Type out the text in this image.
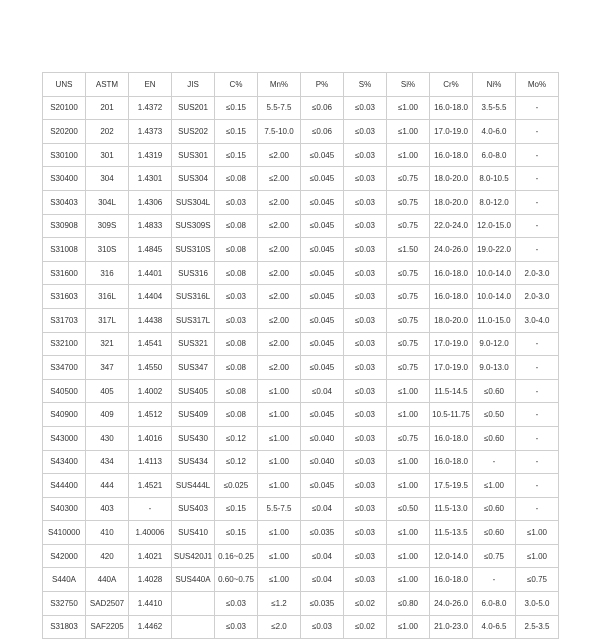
UNS	ASTM	EN	JIS	C%	Mn%	P%	S%	Si%	Cr%	Ni%	Mo%
S20100	201	1.4372	SUS201	≤0.15	5.5-7.5	≤0.06	≤0.03	≤1.00	16.0-18.0	3.5-5.5	-
S20200	202	1.4373	SUS202	≤0.15	7.5-10.0	≤0.06	≤0.03	≤1.00	17.0-19.0	4.0-6.0	-
S30100	301	1.4319	SUS301	≤0.15	≤2.00	≤0.045	≤0.03	≤1.00	16.0-18.0	6.0-8.0	-
S30400	304	1.4301	SUS304	≤0.08	≤2.00	≤0.045	≤0.03	≤0.75	18.0-20.0	8.0-10.5	-
S30403	304L	1.4306	SUS304L	≤0.03	≤2.00	≤0.045	≤0.03	≤0.75	18.0-20.0	8.0-12.0	-
S30908	309S	1.4833	SUS309S	≤0.08	≤2.00	≤0.045	≤0.03	≤0.75	22.0-24.0	12.0-15.0	-
S31008	310S	1.4845	SUS310S	≤0.08	≤2.00	≤0.045	≤0.03	≤1.50	24.0-26.0	19.0-22.0	-
S31600	316	1.4401	SUS316	≤0.08	≤2.00	≤0.045	≤0.03	≤0.75	16.0-18.0	10.0-14.0	2.0-3.0
S31603	316L	1.4404	SUS316L	≤0.03	≤2.00	≤0.045	≤0.03	≤0.75	16.0-18.0	10.0-14.0	2.0-3.0
S31703	317L	1.4438	SUS317L	≤0.03	≤2.00	≤0.045	≤0.03	≤0.75	18.0-20.0	11.0-15.0	3.0-4.0
S32100	321	1.4541	SUS321	≤0.08	≤2.00	≤0.045	≤0.03	≤0.75	17.0-19.0	9.0-12.0	-
S34700	347	1.4550	SUS347	≤0.08	≤2.00	≤0.045	≤0.03	≤0.75	17.0-19.0	9.0-13.0	-
S40500	405	1.4002	SUS405	≤0.08	≤1.00	≤0.04	≤0.03	≤1.00	11.5-14.5	≤0.60	-
S40900	409	1.4512	SUS409	≤0.08	≤1.00	≤0.045	≤0.03	≤1.00	10.5-11.75	≤0.50	-
S43000	430	1.4016	SUS430	≤0.12	≤1.00	≤0.040	≤0.03	≤0.75	16.0-18.0	≤0.60	-
S43400	434	1.4113	SUS434	≤0.12	≤1.00	≤0.040	≤0.03	≤1.00	16.0-18.0	-	-
S44400	444	1.4521	SUS444L	≤0.025	≤1.00	≤0.045	≤0.03	≤1.00	17.5-19.5	≤1.00	-
S40300	403	-	SUS403	≤0.15	5.5-7.5	≤0.04	≤0.03	≤0.50	11.5-13.0	≤0.60	-
S410000	410	1.40006	SUS410	≤0.15	≤1.00	≤0.035	≤0.03	≤1.00	11.5-13.5	≤0.60	≤1.00
S42000	420	1.4021	SUS420J1	0.16~0.25	≤1.00	≤0.04	≤0.03	≤1.00	12.0-14.0	≤0.75	≤1.00
S440A	440A	1.4028	SUS440A	0.60~0.75	≤1.00	≤0.04	≤0.03	≤1.00	16.0-18.0	-	≤0.75
S32750	SAD2507	1.4410		≤0.03	≤1.2	≤0.035	≤0.02	≤0.80	24.0-26.0	6.0-8.0	3.0-5.0
S31803	SAF2205	1.4462		≤0.03	≤2.0	≤0.03	≤0.02	≤1.00	21.0-23.0	4.0-6.5	2.5-3.5
